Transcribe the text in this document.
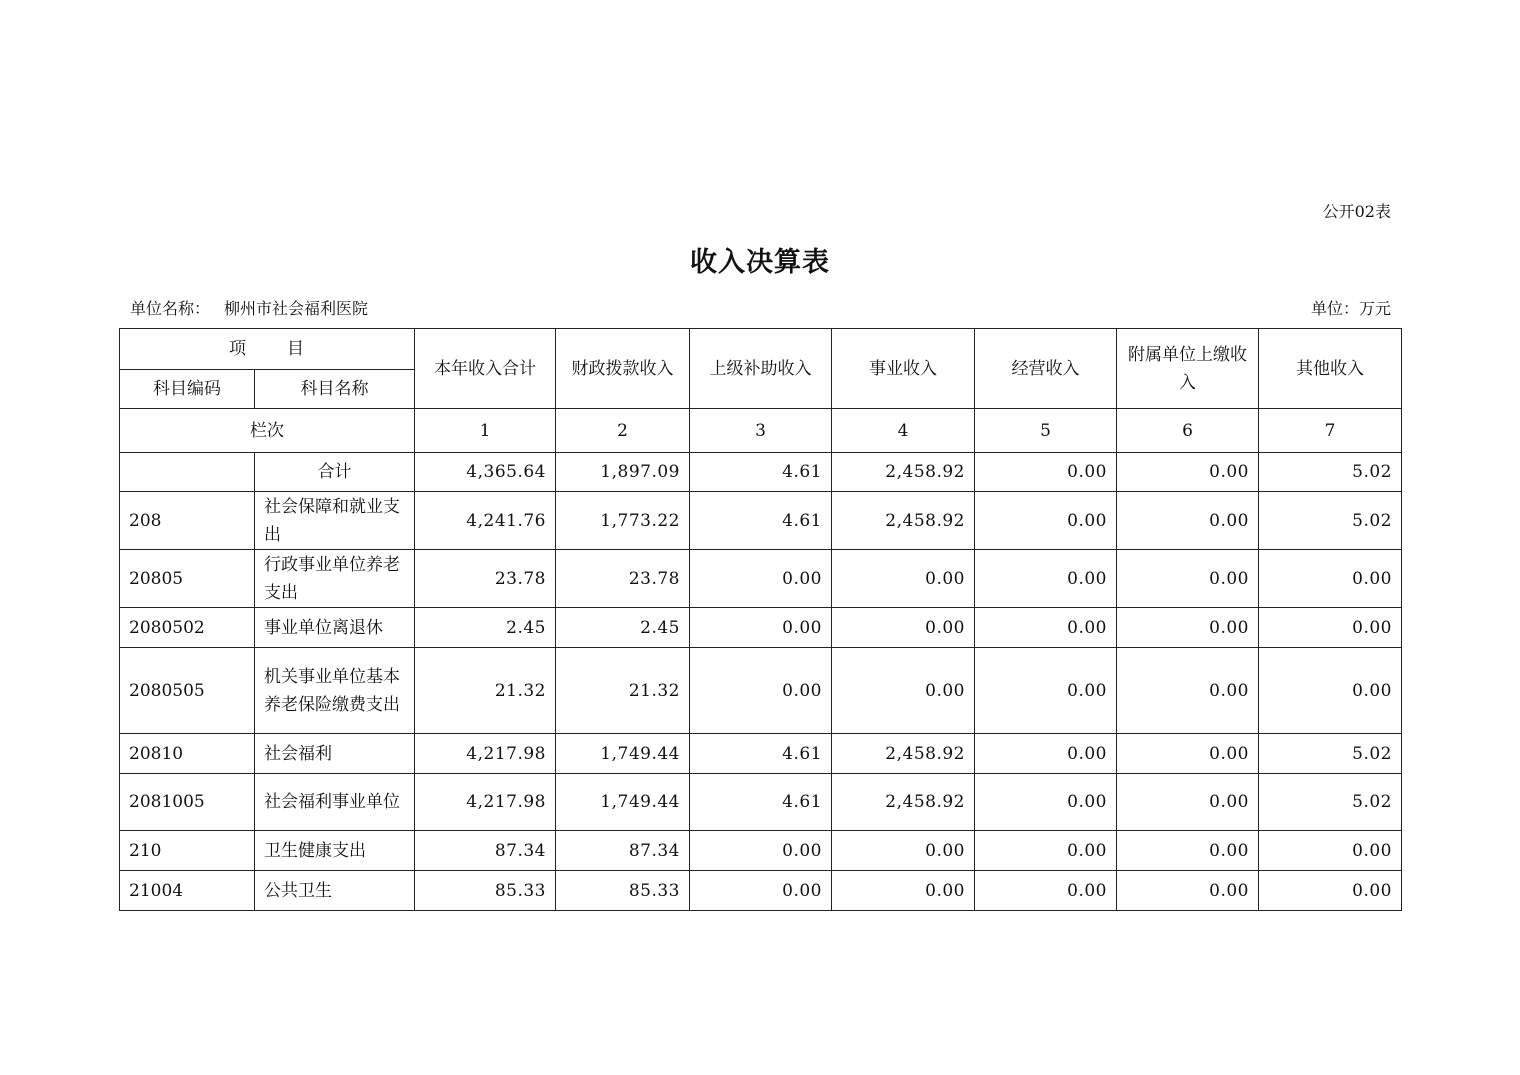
公开02表
收入决算表
单位名称： 柳州市社会福利医院	单位：万元
项　目		本年收入合计	财政拨款收入	上级补助收入	事业收入	经营收入	附属单位上缴收入	其他收入
科目编码	科目名称							
栏次		1	2	3	4	5	6	7
	合计	4,365.64	1,897.09	4.61	2,458.92	0.00	0.00	5.02
208	社会保障和就业支出	4,241.76	1,773.22	4.61	2,458.92	0.00	0.00	5.02
20805	行政事业单位养老支出	23.78	23.78	0.00	0.00	0.00	0.00	0.00
2080502	事业单位离退休	2.45	2.45	0.00	0.00	0.00	0.00	0.00
2080505	机关事业单位基本养老保险缴费支出	21.32	21.32	0.00	0.00	0.00	0.00	0.00
20810	社会福利	4,217.98	1,749.44	4.61	2,458.92	0.00	0.00	5.02
2081005	社会福利事业单位	4,217.98	1,749.44	4.61	2,458.92	0.00	0.00	5.02
210	卫生健康支出	87.34	87.34	0.00	0.00	0.00	0.00	0.00
21004	公共卫生	85.33	85.33	0.00	0.00	0.00	0.00	0.00
